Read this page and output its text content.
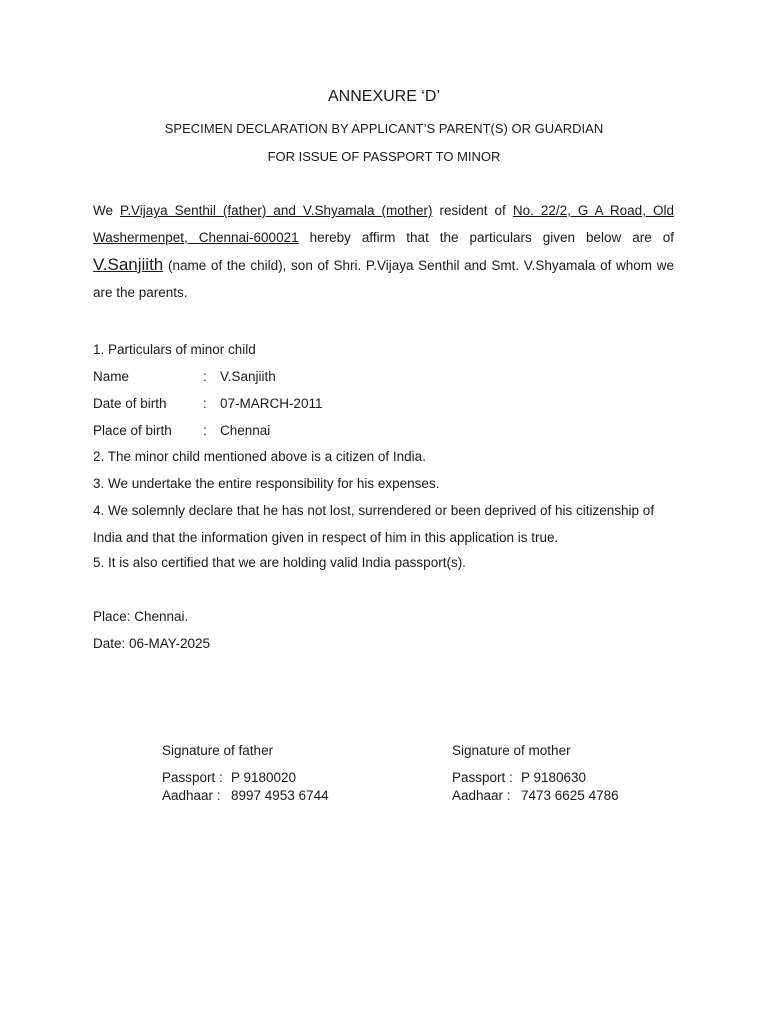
ANNEXURE ‘D’
SPECIMEN DECLARATION BY APPLICANT’S PARENT(S) OR GUARDIAN
FOR ISSUE OF PASSPORT TO MINOR
We P.Vijaya Senthil (father) and V.Shyamala (mother) resident of No. 22/2, G A Road, Old Washermenpet, Chennai-600021 hereby affirm that the particulars given below are of V.Sanjiith (name of the child), son of Shri. P.Vijaya Senthil and Smt. V.Shyamala of whom we are the parents.
1. Particulars of minor child
Name	: V.Sanjiith
Date of birth	: 07-MARCH-2011
Place of birth : Chennai
2. The minor child mentioned above is a citizen of India.
3. We undertake the entire responsibility for his expenses.
4. We solemnly declare that he has not lost, surrendered or been deprived of his citizenship of India and that the information given in respect of him in this application is true.
5. It is also certified that we are holding valid India passport(s).
Place: Chennai.
Date: 06-MAY-2025
Signature of father
Passport : P 9180020
Aadhaar : 8997 4953 6744
Signature of mother
Passport : P 9180630
Aadhaar : 7473 6625 4786
